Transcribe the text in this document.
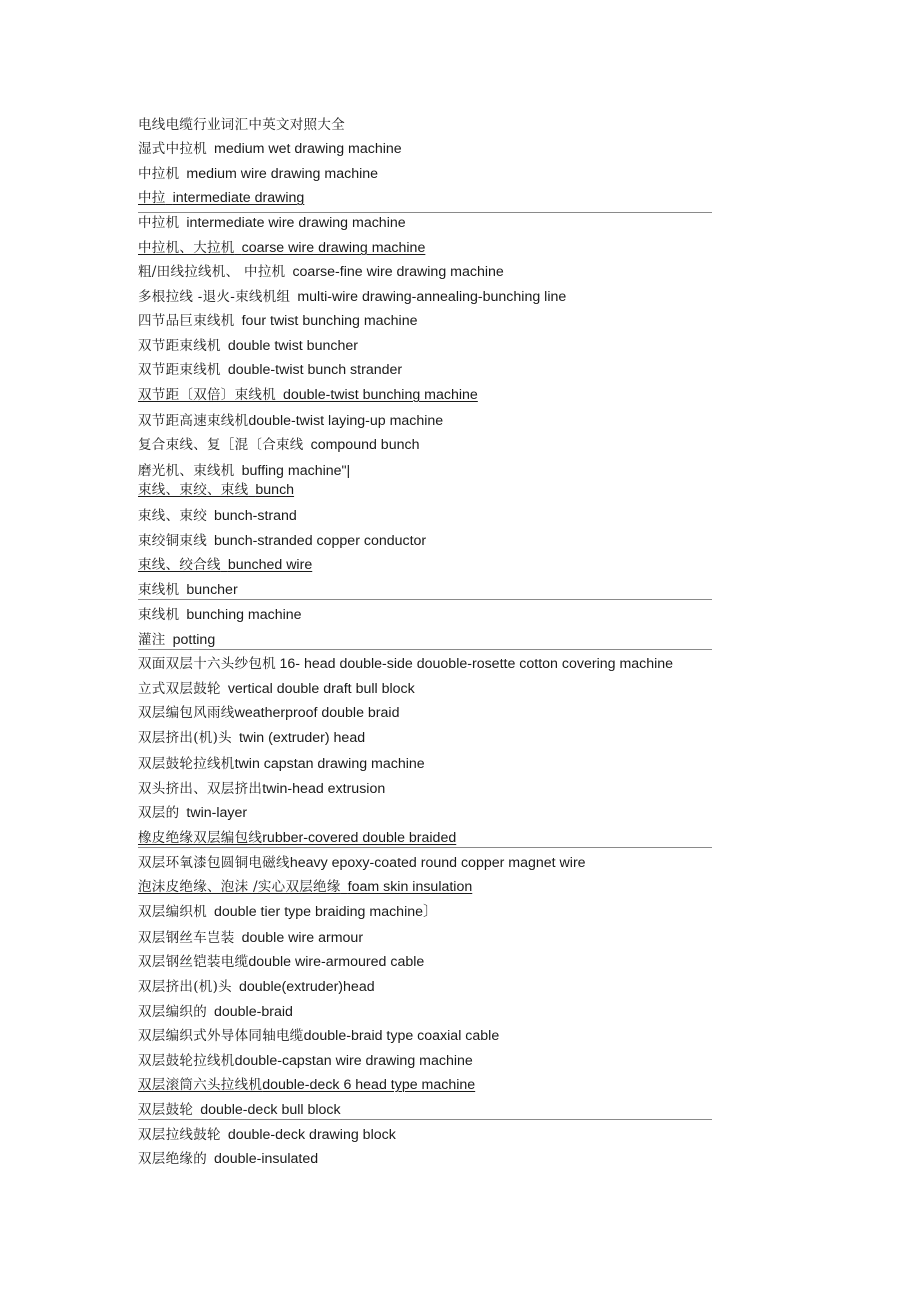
电线电缆行业词汇中英文对照大全
湿式中拉机 medium wet drawing machine
中拉机 medium wire drawing machine
中拉 intermediate drawing
中拉机 intermediate wire drawing machine
中拉机、大拉机 coarse wire drawing machine
粗/田线拉线机、 中拉机 coarse-fine wire drawing machine
多根拉线 -退火-束线机组 multi-wire drawing-annealing-bunching line
四节品巨束线机 four twist bunching machine
双节距束线机 double twist buncher
双节距束线机 double-twist bunch strander
双节距〔双倍〕束线机 double-twist bunching machine
双节距高速束线机double-twist laying-up machine
复合束线、复［混〔合束线 compound bunch
磨光机、束线机 buffing machine"|
束线、束绞、束线 bunch
束线、束绞 bunch-strand
束绞铜束线 bunch-stranded copper conductor
束线、绞合线 bunched wire
束线机 buncher
束线机 bunching machine
灌注 potting
双面双层十六头纱包机 16- head double-side douoble-rosette cotton covering machine
立式双层鼓轮 vertical double draft bull block
双层编包风雨线weatherproof double braid
双层挤出(机)头 twin (extruder) head
双层鼓轮拉线机twin capstan drawing machine
双头挤出、双层挤出twin-head extrusion
双层的 twin-layer
橡皮绝缘双层编包线rubber-covered double braided
双层环氧漆包圆铜电磁线heavy epoxy-coated round copper magnet wire
泡沫皮绝缘、泡沫 /实心双层绝缘 foam skin insulation
双层编织机 double tier type braiding machine〕
双层钢丝车岂装 double wire armour
双层钢丝铠装电缆double wire-armoured cable
双层挤出(机)头 double(extruder)head
双层编织的 double-braid
双层编织式外导体同轴电缆double-braid type coaxial cable
双层鼓轮拉线机double-capstan wire drawing machine
双层滚筒六头拉线机double-deck 6 head type machine
双层鼓轮 double-deck bull block
双层拉线鼓轮 double-deck drawing block
双层绝缘的 double-insulated
